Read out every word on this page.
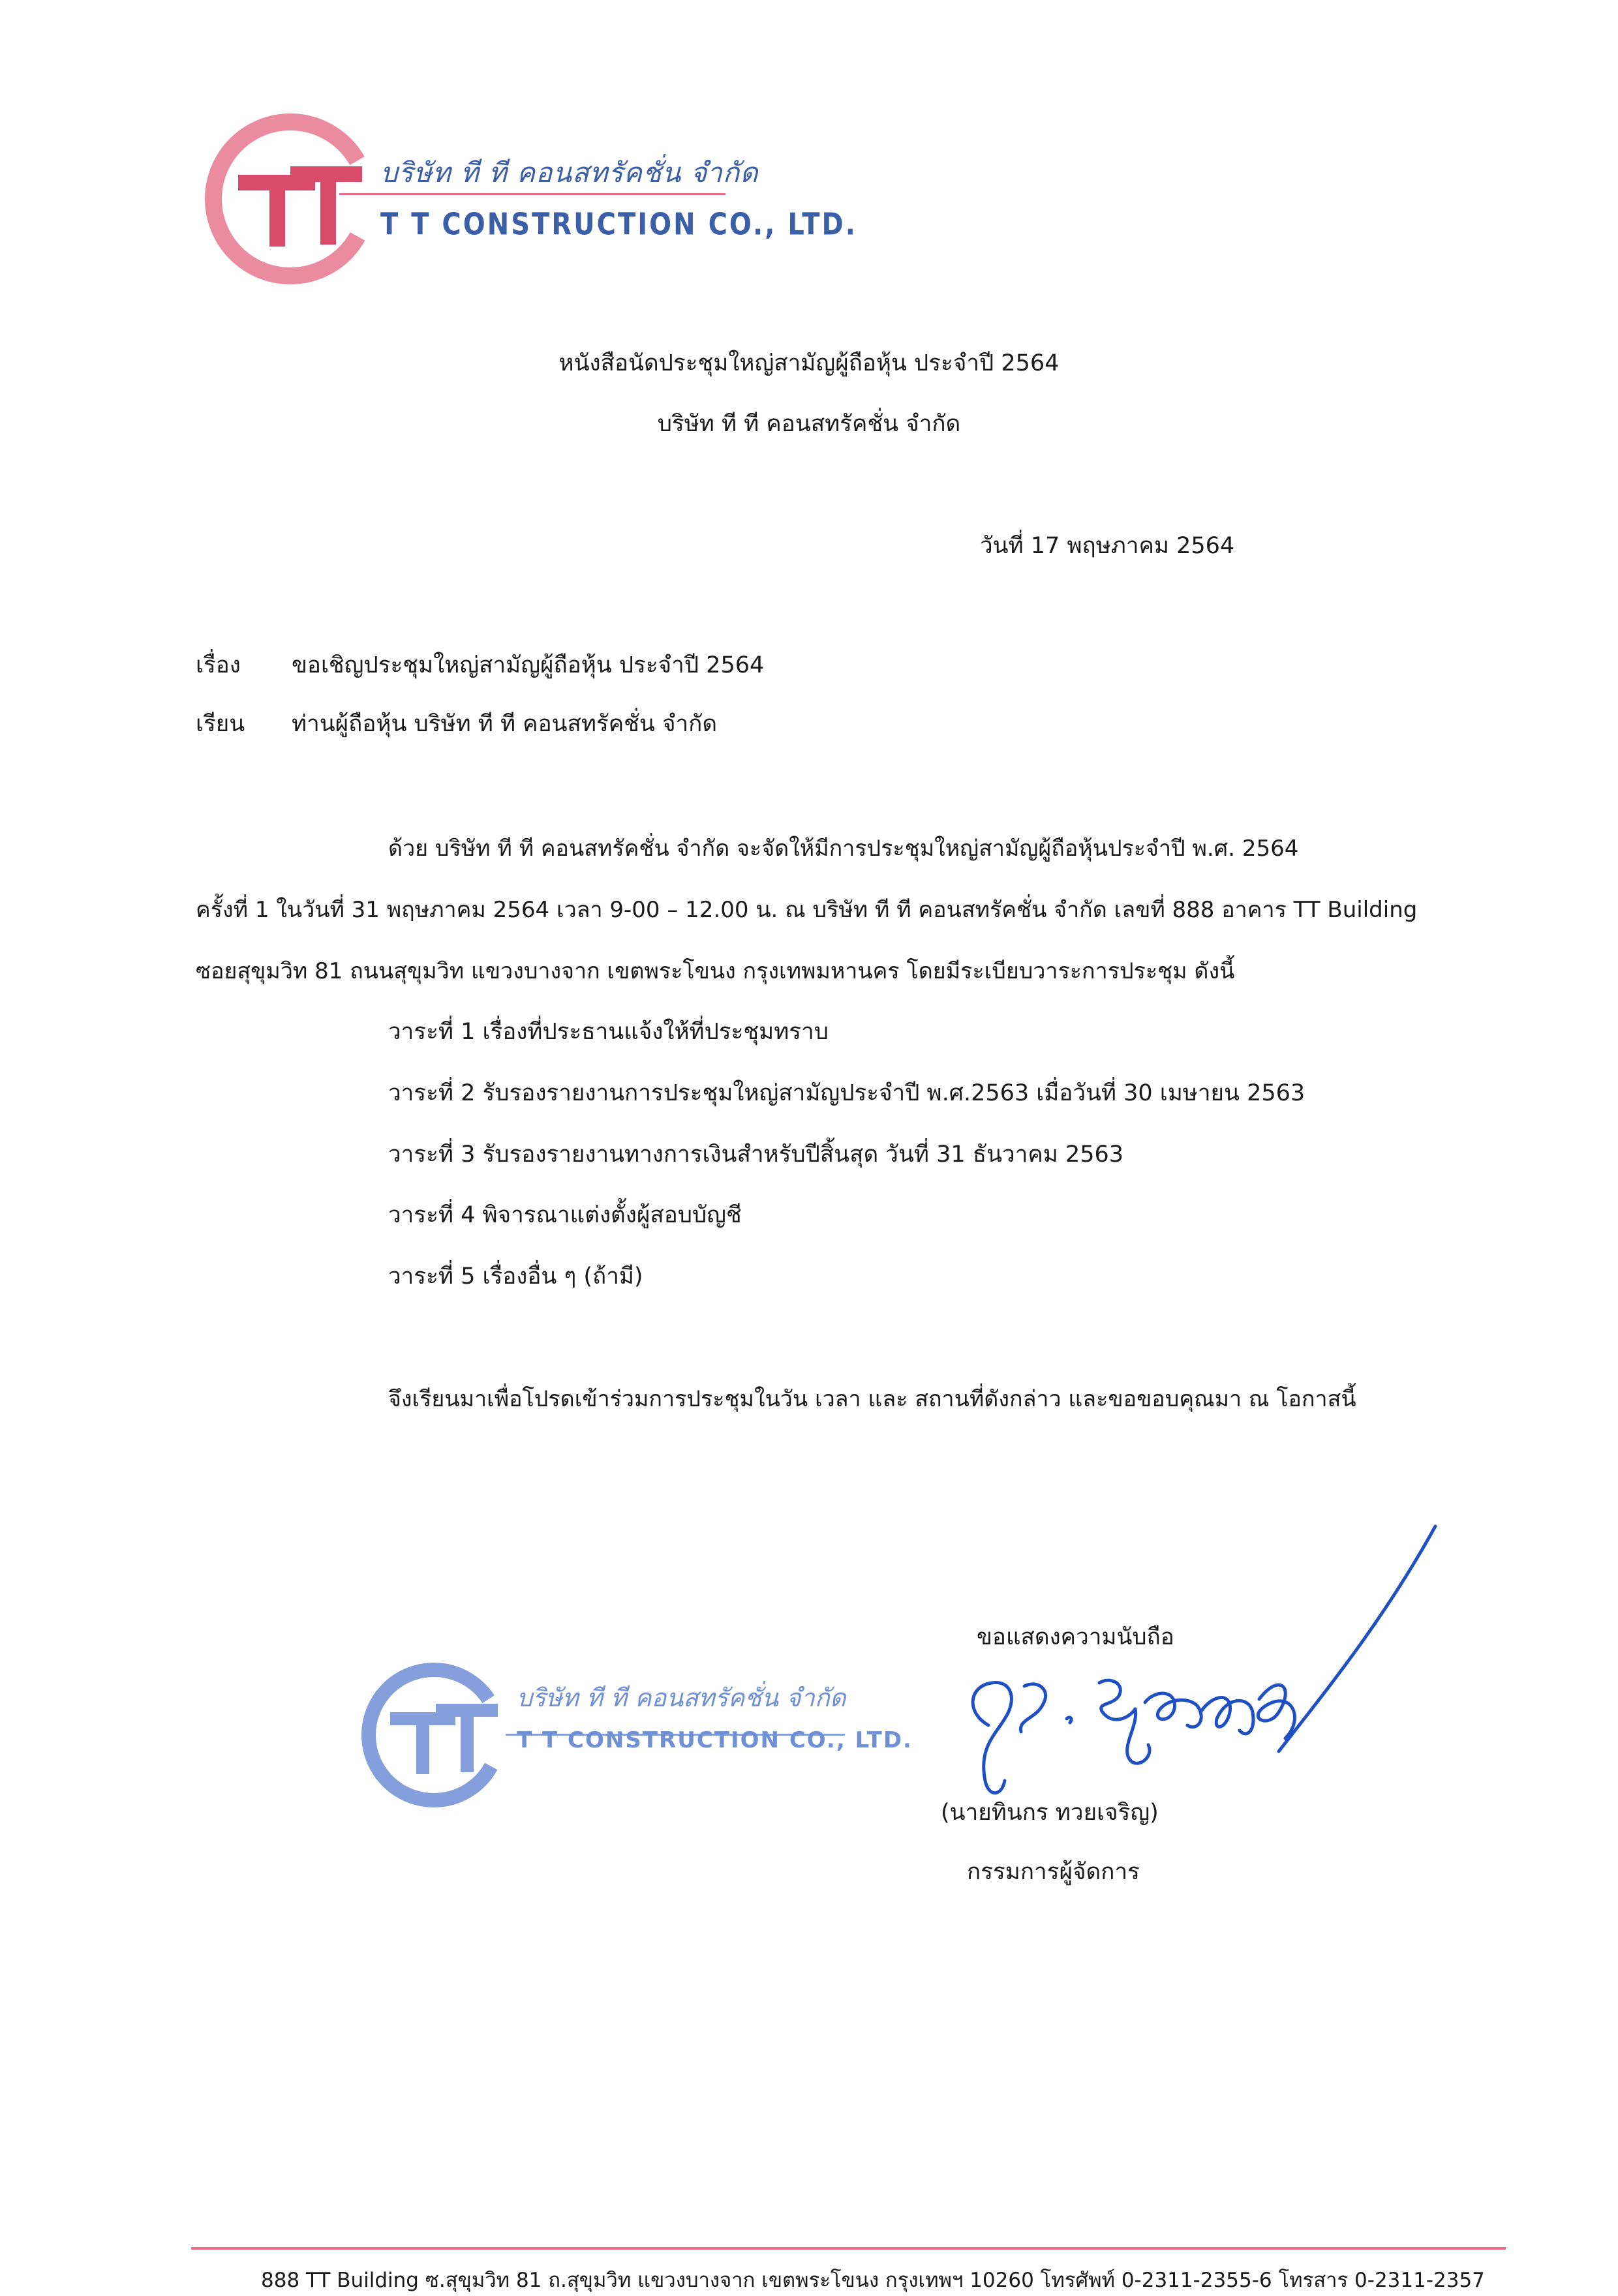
บริษัท ที ที คอนสทรัคชั่น จำกัด
T T CONSTRUCTION CO., LTD.
หนังสือนัดประชุมใหญ่สามัญผู้ถือหุ้น ประจำปี 2564
บริษัท ที ที คอนสทรัคชั่น จำกัด
วันที่ 17 พฤษภาคม 2564
เรื่อง ขอเชิญประชุมใหญ่สามัญผู้ถือหุ้น ประจำปี 2564
เรียน ท่านผู้ถือหุ้น บริษัท ที ที คอนสทรัคชั่น จำกัด
ด้วย บริษัท ที ที คอนสทรัคชั่น จำกัด จะจัดให้มีการประชุมใหญ่สามัญผู้ถือหุ้นประจำปี พ.ศ. 2564
ครั้งที่ 1 ในวันที่ 31 พฤษภาคม 2564 เวลา 9-00 – 12.00 น. ณ บริษัท ที ที คอนสทรัคชั่น จำกัด เลขที่ 888 อาคาร TT Building
ซอยสุขุมวิท 81 ถนนสุขุมวิท แขวงบางจาก เขตพระโขนง กรุงเทพมหานคร โดยมีระเบียบวาระการประชุม ดังนี้
วาระที่ 1 เรื่องที่ประธานแจ้งให้ที่ประชุมทราบ
วาระที่ 2 รับรองรายงานการประชุมใหญ่สามัญประจำปี พ.ศ.2563 เมื่อวันที่ 30 เมษายน 2563
วาระที่ 3 รับรองรายงานทางการเงินสำหรับปีสิ้นสุด วันที่ 31 ธันวาคม 2563
วาระที่ 4 พิจารณาแต่งตั้งผู้สอบบัญชี
วาระที่ 5 เรื่องอื่น ๆ (ถ้ามี)
จึงเรียนมาเพื่อโปรดเข้าร่วมการประชุมในวัน เวลา และ สถานที่ดังกล่าว และขอขอบคุณมา ณ โอกาสนี้
บริษัท ที ที คอนสทรัคชั่น จำกัด
T T CONSTRUCTION CO., LTD.
ขอแสดงความนับถือ
(นายทินกร ทวยเจริญ)
กรรมการผู้จัดการ
888 TT Building ซ.สุขุมวิท 81 ถ.สุขุมวิท แขวงบางจาก เขตพระโขนง กรุงเทพฯ 10260 โทรศัพท์ 0-2311-2355-6 โทรสาร 0-2311-2357
